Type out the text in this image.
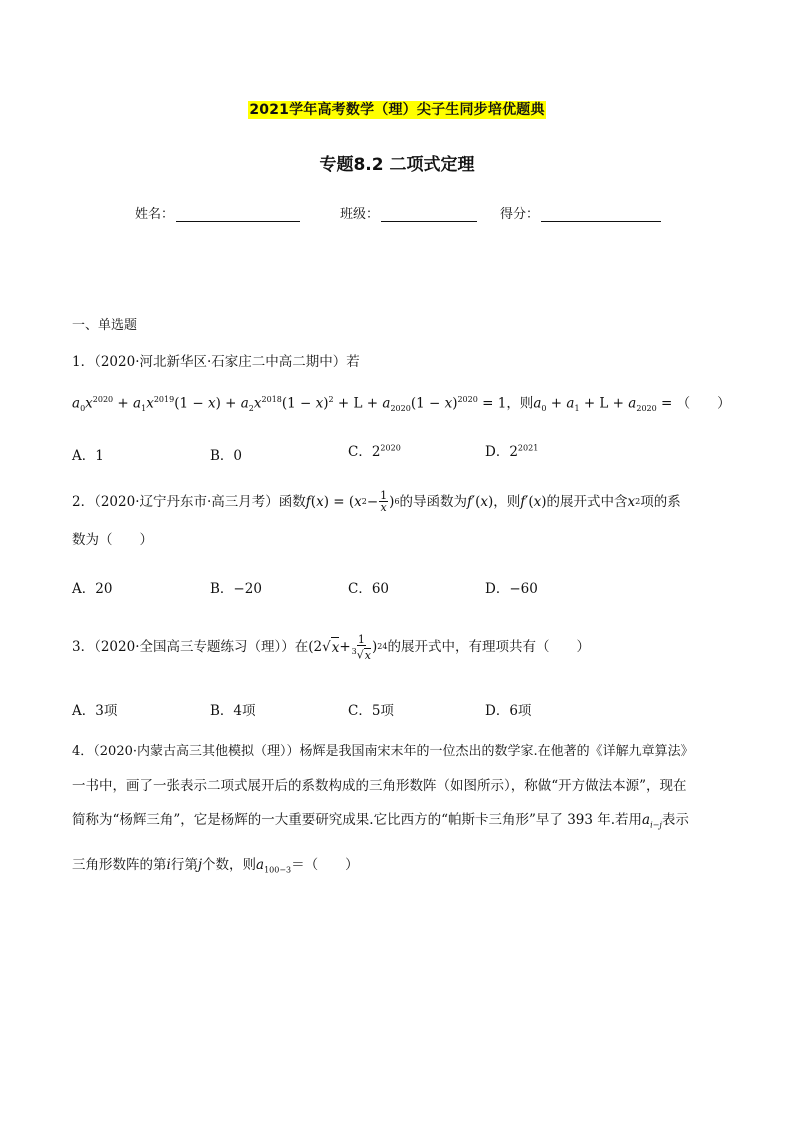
2021学年高考数学（理）尖子生同步培优题典
专题8.2 二项式定理
姓名：	班级：	得分：
一、单选题
1．（2020·河北新华区·石家庄二中高二期中）若
$a_0x^{2020} + a_1x^{2019}(1 - x) + a_2x^{2018}(1 - x)^2 + L + a_{2020}(1 - x)^{2020} = 1$，则$a_0 + a_1 + L + a_{2020}$ = （　　）
A．1	B．0	C．$2^{2020}$	D．$2^{2021}$
2．（2020·辽宁丹东市·高三月考）函数 f ( x ) = ( x $2 - \frac{1}{x}$ ) 6 的导函数为 f ′( x ) ，则 f ′( x ) 的展开式中含 x 2 项的系
数为（　　）
A．20	B．−20	C．60	D．−60
3．（2020·全国高三专题练习（理））在 (2√ $x + \frac{1}{^3√x}$ ) 24 的展开式中，有理项共有（　　）
A．3项	B．4项	C．5项	D．6项
4．（2020·内蒙古高三其他模拟（理））杨辉是我国南宋末年的一位杰出的数学家.在他著的《详解九章算法》
一书中，画了一张表示二项式展开后的系数构成的三角形数阵（如图所示），称做“开方做法本源”，现在
简称为“杨辉三角”，它是杨辉的一大重要研究成果.它比西方的“帕斯卡三角形”早了 393 年.若用$a_{i-j}$表示
三角形数阵的第i行第j个数，则$a_{100-3}=$（　　）
